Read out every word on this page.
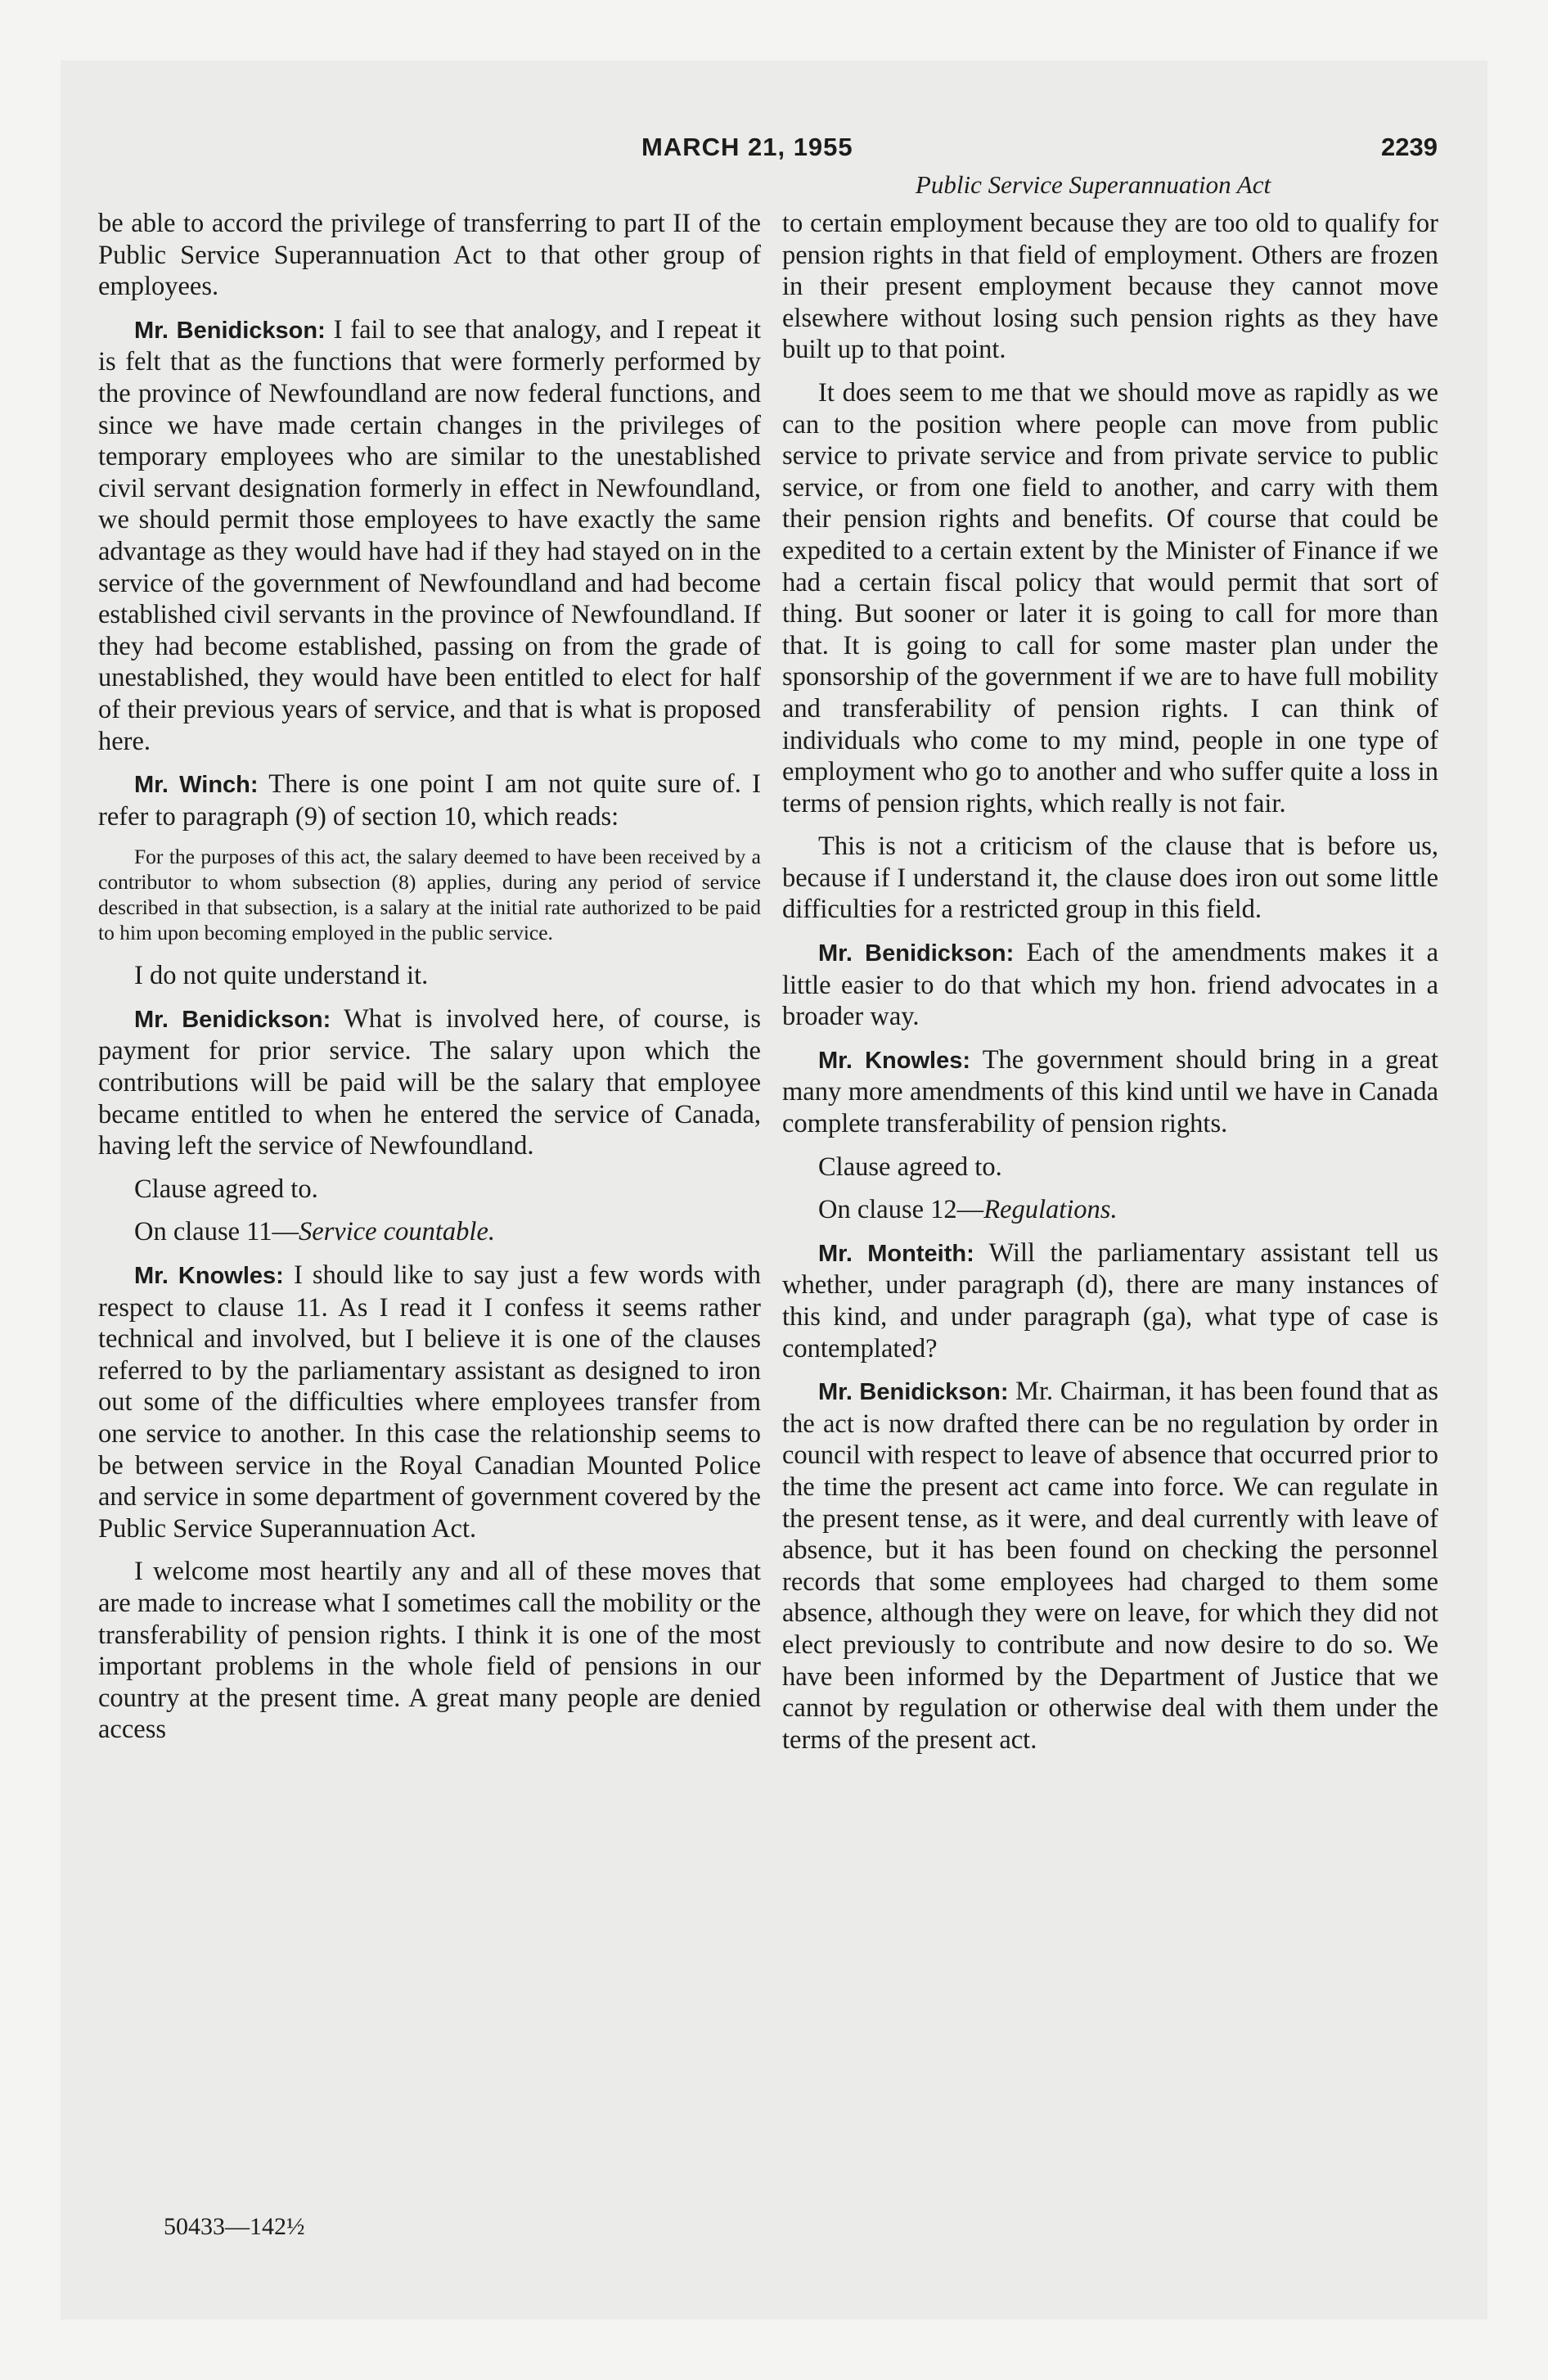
MARCH 21, 1955	2239
Public Service Superannuation Act

be able to accord the privilege of transferring to part II of the Public Service Superannuation Act to that other group of employees.

Mr. Benidickson: I fail to see that analogy, and I repeat it is felt that as the functions that were formerly performed by the province of Newfoundland are now federal functions, and since we have made certain changes in the privileges of temporary employees who are similar to the unestablished civil servant designation formerly in effect in Newfoundland, we should permit those employees to have exactly the same advantage as they would have had if they had stayed on in the service of the government of Newfoundland and had become established civil servants in the province of Newfoundland. If they had become established, passing on from the grade of unestablished, they would have been entitled to elect for half of their previous years of service, and that is what is proposed here.

Mr. Winch: There is one point I am not quite sure of. I refer to paragraph (9) of section 10, which reads:

For the purposes of this act, the salary deemed to have been received by a contributor to whom subsection (8) applies, during any period of service described in that subsection, is a salary at the initial rate authorized to be paid to him upon becoming employed in the public service.

I do not quite understand it.

Mr. Benidickson: What is involved here, of course, is payment for prior service. The salary upon which the contributions will be paid will be the salary that employee became entitled to when he entered the service of Canada, having left the service of Newfoundland.

Clause agreed to.

On clause 11—Service countable.

Mr. Knowles: I should like to say just a few words with respect to clause 11. As I read it I confess it seems rather technical and involved, but I believe it is one of the clauses referred to by the parliamentary assistant as designed to iron out some of the difficulties where employees transfer from one service to another. In this case the relationship seems to be between service in the Royal Canadian Mounted Police and service in some department of government covered by the Public Service Superannuation Act.

I welcome most heartily any and all of these moves that are made to increase what I sometimes call the mobility or the transferability of pension rights. I think it is one of the most important problems in the whole field of pensions in our country at the present time. A great many people are denied access

50433—142½

to certain employment because they are too old to qualify for pension rights in that field of employment. Others are frozen in their present employment because they cannot move elsewhere without losing such pension rights as they have built up to that point.

It does seem to me that we should move as rapidly as we can to the position where people can move from public service to private service and from private service to public service, or from one field to another, and carry with them their pension rights and benefits. Of course that could be expedited to a certain extent by the Minister of Finance if we had a certain fiscal policy that would permit that sort of thing. But sooner or later it is going to call for more than that. It is going to call for some master plan under the sponsorship of the government if we are to have full mobility and transferability of pension rights. I can think of individuals who come to my mind, people in one type of employment who go to another and who suffer quite a loss in terms of pension rights, which really is not fair.

This is not a criticism of the clause that is before us, because if I understand it, the clause does iron out some little difficulties for a restricted group in this field.

Mr. Benidickson: Each of the amendments makes it a little easier to do that which my hon. friend advocates in a broader way.

Mr. Knowles: The government should bring in a great many more amendments of this kind until we have in Canada complete transferability of pension rights.

Clause agreed to.

On clause 12—Regulations.

Mr. Monteith: Will the parliamentary assistant tell us whether, under paragraph (d), there are many instances of this kind, and under paragraph (ga), what type of case is contemplated?

Mr. Benidickson: Mr. Chairman, it has been found that as the act is now drafted there can be no regulation by order in council with respect to leave of absence that occurred prior to the time the present act came into force. We can regulate in the present tense, as it were, and deal currently with leave of absence, but it has been found on checking the personnel records that some employees had charged to them some absence, although they were on leave, for which they did not elect previously to contribute and now desire to do so. We have been informed by the Department of Justice that we cannot by regulation or otherwise deal with them under the terms of the present act.
